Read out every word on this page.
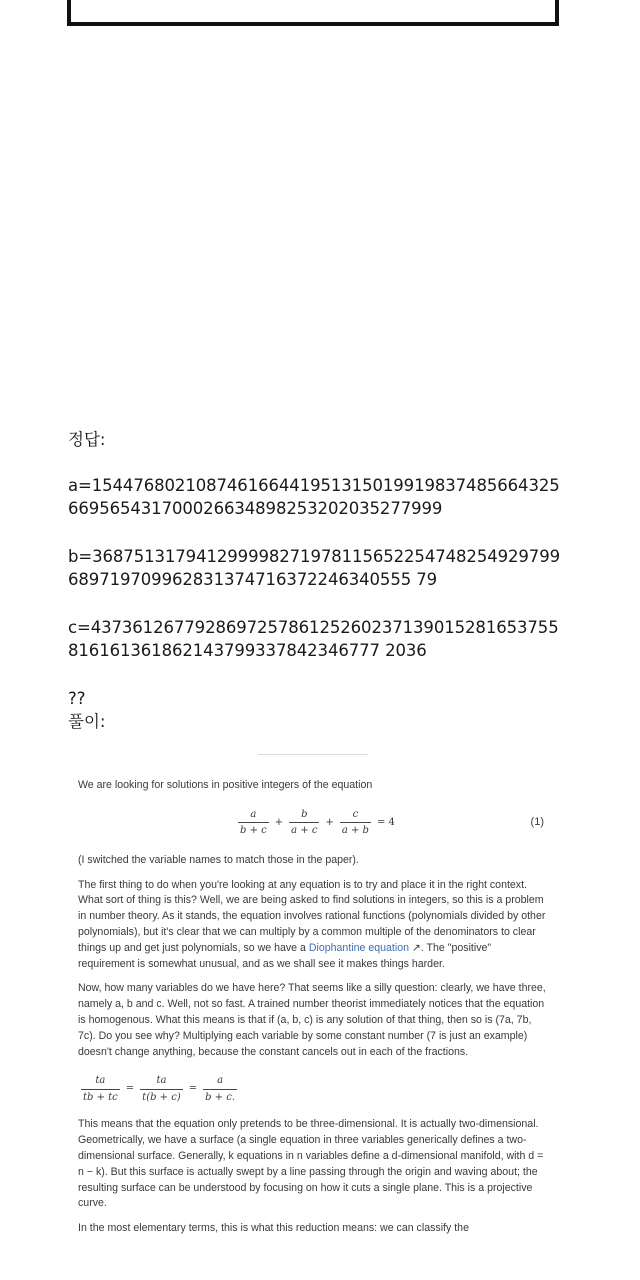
정답:
a=154476802108746166441951315019919837485664325669565431700026634898253202035277999
b=368751317941299998271978115652254748254929799689719709962831374716372246340555 79
c=437361267792869725786125260237139015281653755816161361862143799337842346777 2036
??
풀이:

We are looking for solutions in positive integers of the equation

$\frac{a}{b + c} + \frac{b}{a + c} + \frac{c}{a + b} = 4$	(1)

(I switched the variable names to match those in the paper).

The first thing to do when you're looking at any equation is to try and place it in the right context. What sort of thing is this? Well, we are being asked to find solutions in integers, so this is a problem in number theory. As it stands, the equation involves rational functions (polynomials divided by other polynomials), but it's clear that we can multiply by a common multiple of the denominators to clear things up and get just polynomials, so we have a Diophantine equation ↗. The "positive" requirement is somewhat unusual, and as we shall see it makes things harder.

Now, how many variables do we have here? That seems like a silly question: clearly, we have three, namely a, b and c. Well, not so fast. A trained number theorist immediately notices that the equation is homogenous. What this means is that if (a, b, c) is any solution of that thing, then so is (7a, 7b, 7c). Do you see why? Multiplying each variable by some constant number (7 is just an example) doesn't change anything, because the constant cancels out in each of the fractions.

$\frac{ta}{tb + tc} = \frac{ta}{t(b + c)} = \frac{a}{b + c.}$

This means that the equation only pretends to be three-dimensional. It is actually two-dimensional. Geometrically, we have a surface (a single equation in three variables generically defines a two-dimensional surface. Generally, k equations in n variables define a d-dimensional manifold, with d = n − k). But this surface is actually swept by a line passing through the origin and waving about; the resulting surface can be understood by focusing on how it cuts a single plane. This is a projective curve.

In the most elementary terms, this is what this reduction means: we can classify the
